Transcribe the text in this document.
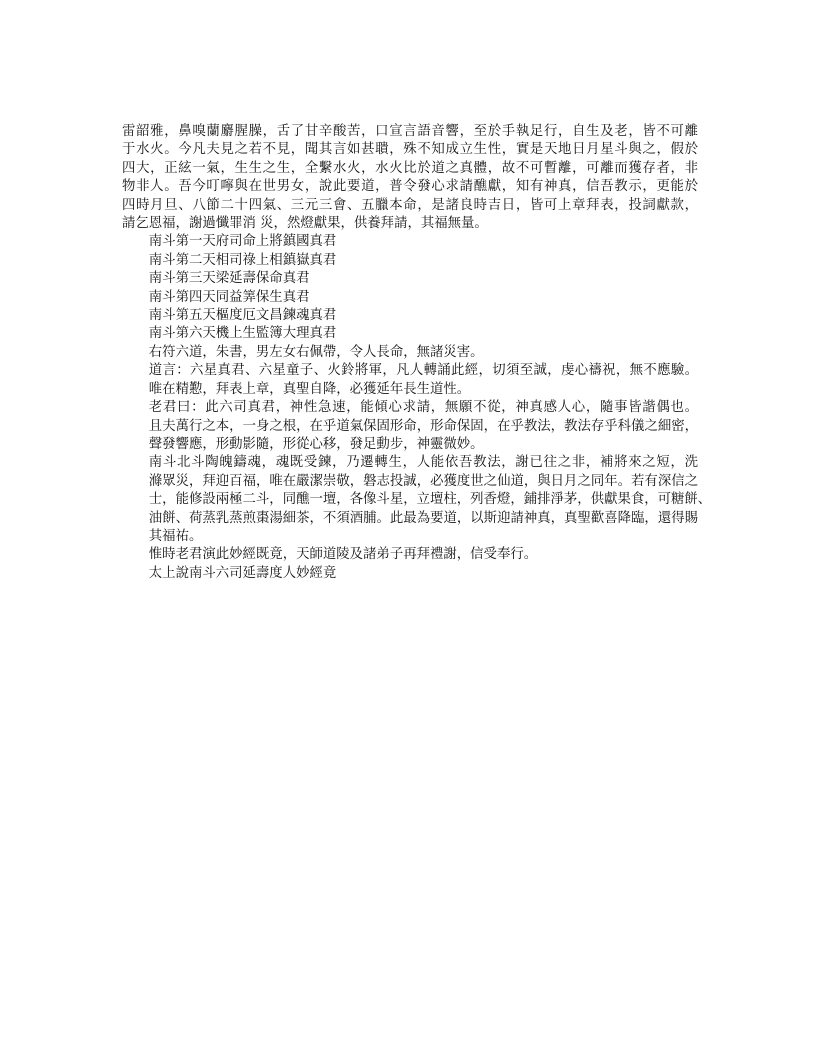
雷韶雅，鼻嗅蘭麝腥臊，舌了甘辛酸苦，口宣言語音響，至於手執足行，自生及老，皆不可離
于水火。今凡夫見之若不見，聞其言如甚聵，殊不知成立生性，實是天地日月星斗與之，假於
四大，正絃一氣，生生之生，全繫水火，水火比於道之真體，故不可暫離，可離而獲存者，非
物非人。吾今叮嚀與在世男女，說此要道，普令發心求請醮獻，知有神真，信吾教示，更能於
四時月旦、八節二十四氣、三元三會、五臘本命，是諸良時吉日，皆可上章拜表，投詞獻款，
請乞恩福，謝過懺罪消 災，然燈獻果，供養拜請，其福無量。
南斗第一天府司命上將鎮國真君
南斗第二天相司祿上相鎮嶽真君
南斗第三天梁延壽保命真君
南斗第四天同益筭保生真君
南斗第五天樞度厄文昌鍊魂真君
南斗第六天機上生監簿大理真君
右符六道，朱書，男左女右佩帶，令人長命，無諸災害。
道言：六星真君、六星童子、火鈴將軍，凡人轉誦此經，切須至誠，虔心禱祝，無不應驗。
唯在精懃，拜表上章，真聖自降，必獲延年長生道性。
老君曰：此六司真君，神性急速，能傾心求請，無願不從，神真感人心，隨事皆諧偶也。
且夫萬行之本，一身之根，在乎道氣保固形命，形命保固，在乎教法，教法存乎科儀之細密，
聲發響應，形動影隨，形從心移，發足動步，神靈微妙。
南斗北斗陶魄鑄魂，魂既受鍊，乃遷轉生，人能依吾教法，謝已往之非，補將來之短，洗
滌眾災，拜迎百福，唯在嚴潔崇敬，磐志投誠，必獲度世之仙道，與日月之同年。若有深信之
士，能修設兩極二斗，同醮一壇，各像斗星，立壇柱，列香燈，鋪排淨茅，供獻果食，可糖餅、
油餅、荷蒸乳蒸煎棗湯細茶，不須酒脯。此最為要道，以斯迎請神真，真聖歡喜降臨，還得賜
其福祐。
惟時老君演此妙經既竟，天師道陵及諸弟子再拜禮謝，信受奉行。
太上說南斗六司延壽度人妙經竟
